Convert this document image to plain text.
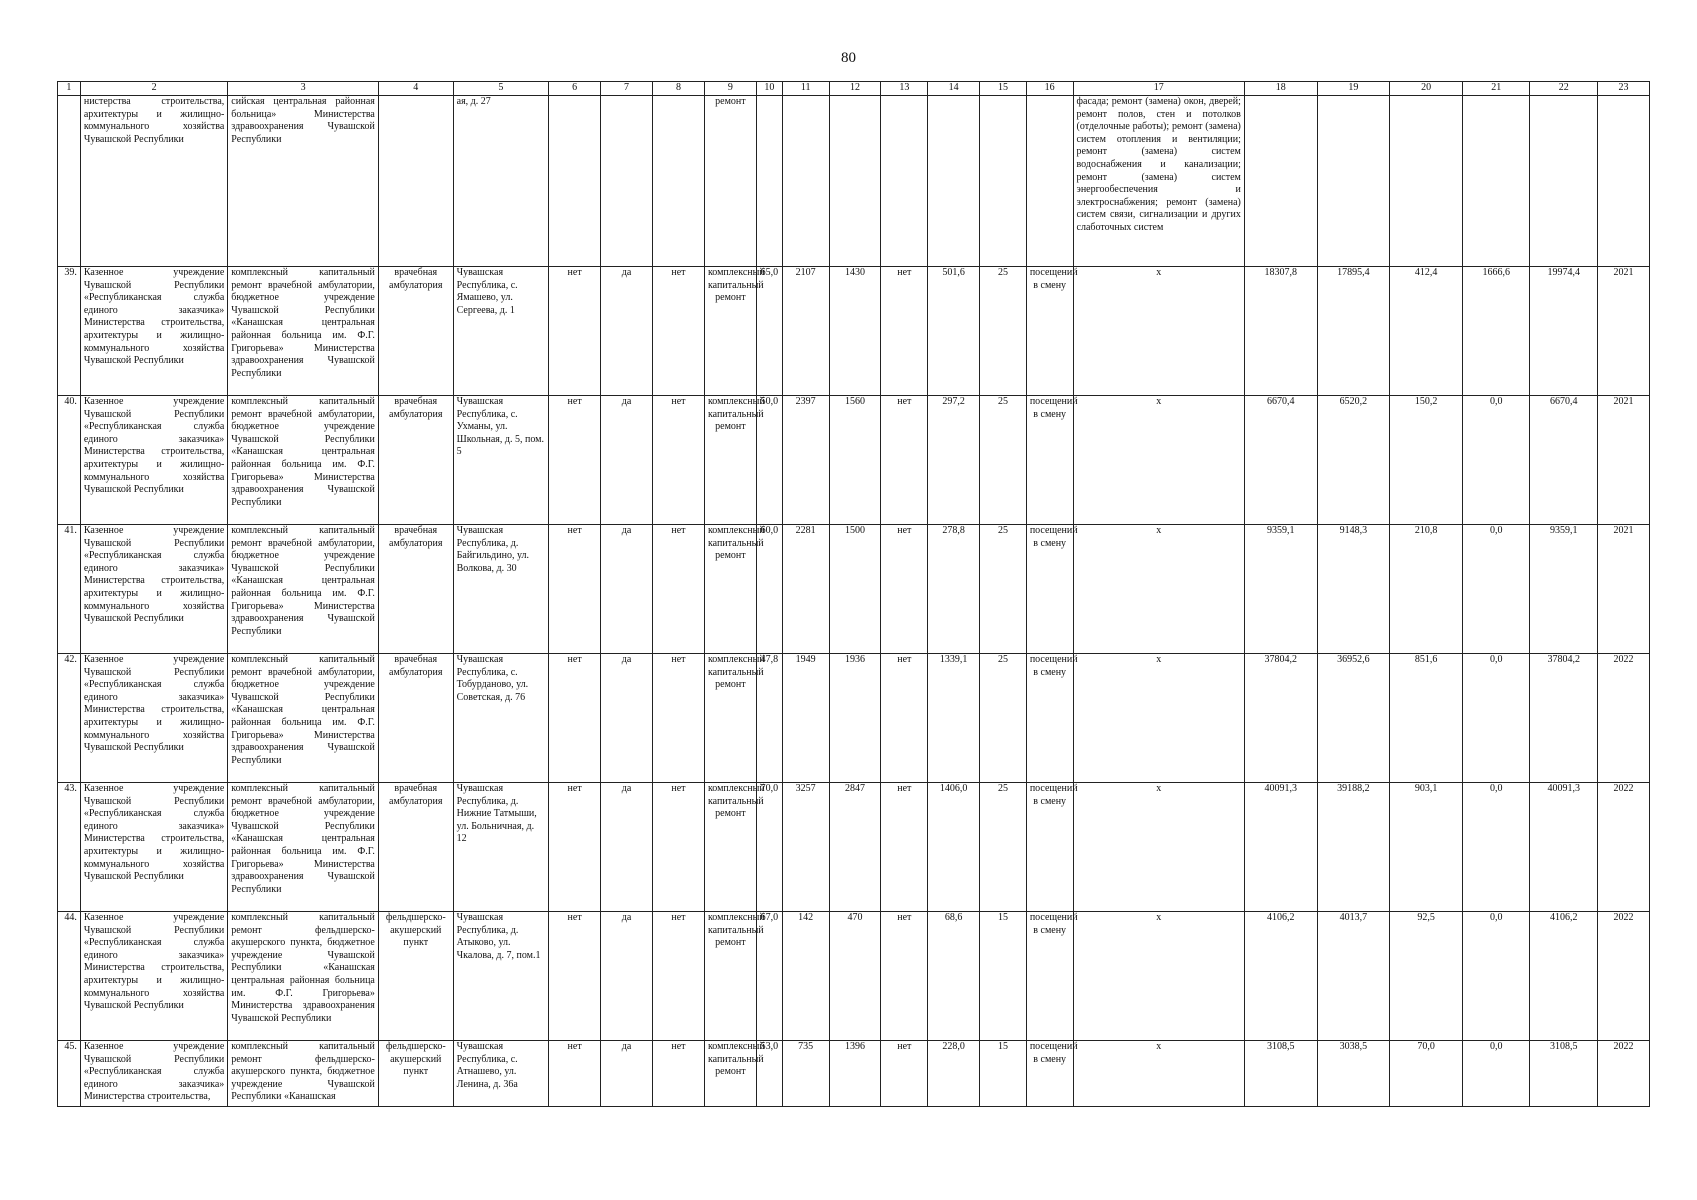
80
1	2	3	4	5	6	7	8	9	10	11	12	13	14	15	16	17	18	19	20	21	22	23
	нистерства строительства, архитектуры и жилищно-коммунального хозяйства Чувашской Республики	сийская центральная районная больница» Министерства здравоохранения Чувашской Республики		ая, д. 27				ремонт								фасада; ремонт (замена) окон, дверей; ремонт полов, стен и потолков (отделочные работы); ремонт (замена) систем отопления и вентиляции; ремонт (замена) систем водоснабжения и канализации; ремонт (замена) систем энергообеспечения и электроснабжения; ремонт (замена) систем связи, сигнализации и других слаботочных систем						
39.	Казенное учреждение Чувашской Республики «Республиканская служба единого заказчика» Министерства строительства, архитектуры и жилищно-коммунального хозяйства Чувашской Республики	комплексный капитальный ремонт врачебной амбулатории, бюджетное учреждение Чувашской Республики «Канашская центральная районная больница им. Ф.Г. Григорьева» Министерства здравоохранения Чувашской Республики	врачебная амбулатория	Чувашская Республика, с. Ямашево, ул. Сергеева, д. 1	нет	да	нет	комплексный капитальный ремонт	65,0	2107	1430	нет	501,6	25	посещений в смену	x	18307,8	17895,4	412,4	1666,6	19974,4	2021
40.	Казенное учреждение Чувашской Республики «Республиканская служба единого заказчика» Министерства строительства, архитектуры и жилищно-коммунального хозяйства Чувашской Республики	комплексный капитальный ремонт врачебной амбулатории, бюджетное учреждение Чувашской Республики «Канашская центральная районная больница им. Ф.Г. Григорьева» Министерства здравоохранения Чувашской Республики	врачебная амбулатория	Чувашская Республика, с. Ухманы, ул. Школьная, д. 5, пом. 5	нет	да	нет	комплексный капитальный ремонт	50,0	2397	1560	нет	297,2	25	посещений в смену	x	6670,4	6520,2	150,2	0,0	6670,4	2021
41.	Казенное учреждение Чувашской Республики «Республиканская служба единого заказчика» Министерства строительства, архитектуры и жилищно-коммунального хозяйства Чувашской Республики	комплексный капитальный ремонт врачебной амбулатории, бюджетное учреждение Чувашской Республики «Канашская центральная районная больница им. Ф.Г. Григорьева» Министерства здравоохранения Чувашской Республики	врачебная амбулатория	Чувашская Республика, д. Байгильдино, ул. Волкова, д. 30	нет	да	нет	комплексный капитальный ремонт	60,0	2281	1500	нет	278,8	25	посещений в смену	x	9359,1	9148,3	210,8	0,0	9359,1	2021
42.	Казенное учреждение Чувашской Республики «Республиканская служба единого заказчика» Министерства строительства, архитектуры и жилищно-коммунального хозяйства Чувашской Республики	комплексный капитальный ремонт врачебной амбулатории, бюджетное учреждение Чувашской Республики «Канашская центральная районная больница им. Ф.Г. Григорьева» Министерства здравоохранения Чувашской Республики	врачебная амбулатория	Чувашская Республика, с. Тобурданово, ул. Советская, д. 76	нет	да	нет	комплексный капитальный ремонт	47,8	1949	1936	нет	1339,1	25	посещений в смену	x	37804,2	36952,6	851,6	0,0	37804,2	2022
43.	Казенное учреждение Чувашской Республики «Республиканская служба единого заказчика» Министерства строительства, архитектуры и жилищно-коммунального хозяйства Чувашской Республики	комплексный капитальный ремонт врачебной амбулатории, бюджетное учреждение Чувашской Республики «Канашская центральная районная больница им. Ф.Г. Григорьева» Министерства здравоохранения Чувашской Республики	врачебная амбулатория	Чувашская Республика, д. Нижние Татмыши, ул. Больничная, д. 12	нет	да	нет	комплексный капитальный ремонт	70,0	3257	2847	нет	1406,0	25	посещений в смену	x	40091,3	39188,2	903,1	0,0	40091,3	2022
44.	Казенное учреждение Чувашской Республики «Республиканская служба единого заказчика» Министерства строительства, архитектуры и жилищно-коммунального хозяйства Чувашской Республики	комплексный капитальный ремонт фельдшерско-акушерского пункта, бюджетное учреждение Чувашской Республики «Канашская центральная районная больница им. Ф.Г. Григорьева» Министерства здравоохранения Чувашской Республики	фельдшерско-акушерский пункт	Чувашская Республика, д. Атыково, ул. Чкалова, д. 7, пом.1	нет	да	нет	комплексный капитальный ремонт	67,0	142	470	нет	68,6	15	посещений в смену	x	4106,2	4013,7	92,5	0,0	4106,2	2022
45.	Казенное учреждение Чувашской Республики «Республиканская служба единого заказчика» Министерства строительства,	комплексный капитальный ремонт фельдшерско-акушерского пункта, бюджетное учреждение Чувашской Республики «Канашская	фельдшерско-акушерский пункт	Чувашская Республика, с. Атнашево, ул. Ленина, д. 36а	нет	да	нет	комплексный капитальный ремонт	53,0	735	1396	нет	228,0	15	посещений в смену	x	3108,5	3038,5	70,0	0,0	3108,5	2022
